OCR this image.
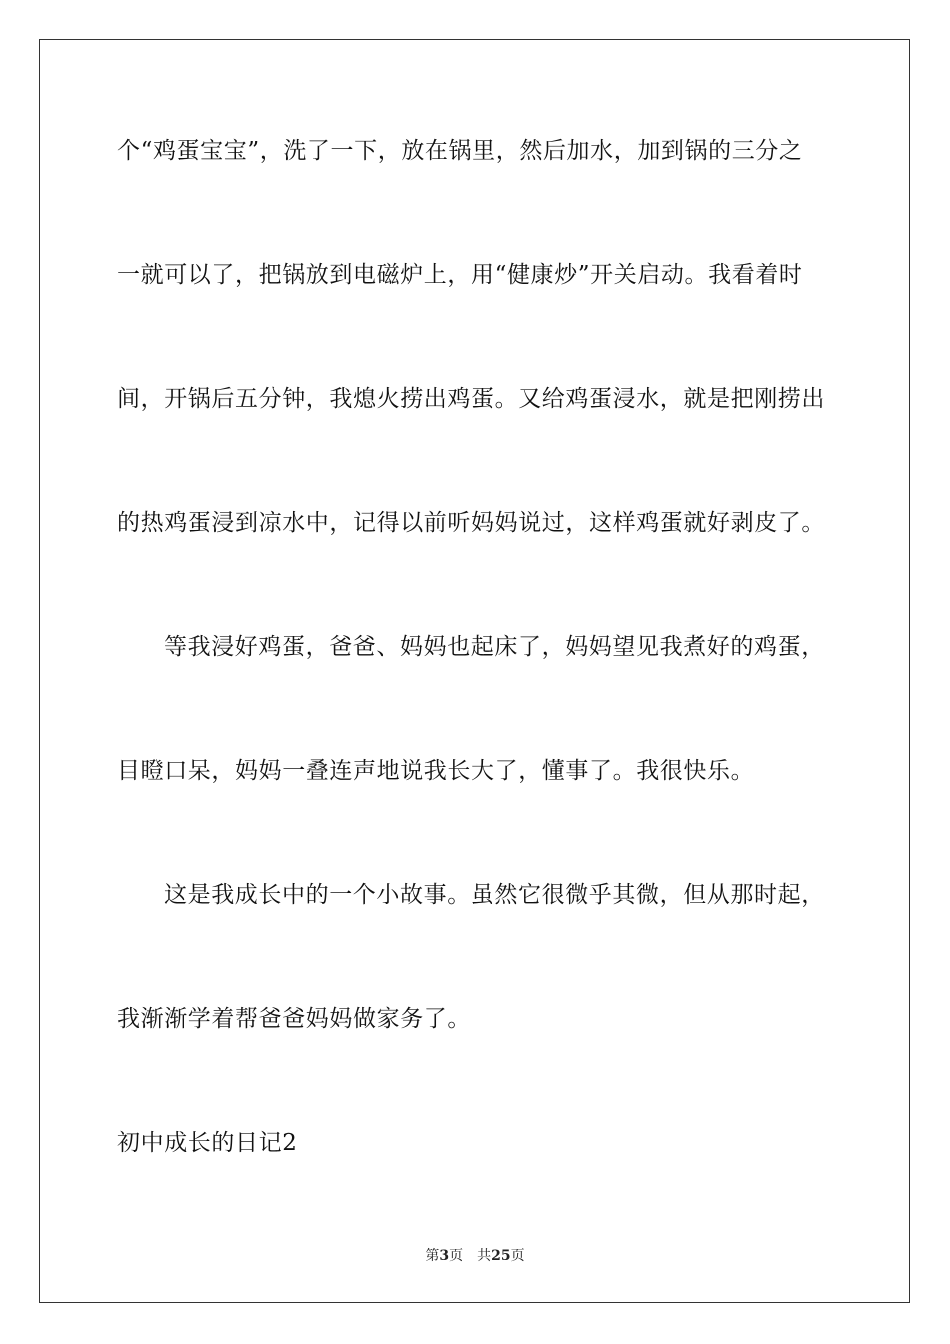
个“鸡蛋宝宝”，洗了一下，放在锅里，然后加水，加到锅的三分之
一就可以了，把锅放到电磁炉上，用“健康炒”开关启动。我看着时
间，开锅后五分钟，我熄火捞出鸡蛋。又给鸡蛋浸水，就是把刚捞出
的热鸡蛋浸到凉水中，记得以前听妈妈说过，这样鸡蛋就好剥皮了。
等我浸好鸡蛋，爸爸、妈妈也起床了，妈妈望见我煮好的鸡蛋，
目瞪口呆，妈妈一叠连声地说我长大了，懂事了。我很快乐。
这是我成长中的一个小故事。虽然它很微乎其微，但从那时起，
我渐渐学着帮爸爸妈妈做家务了。
初中成长的日记2
第3页 共25页
